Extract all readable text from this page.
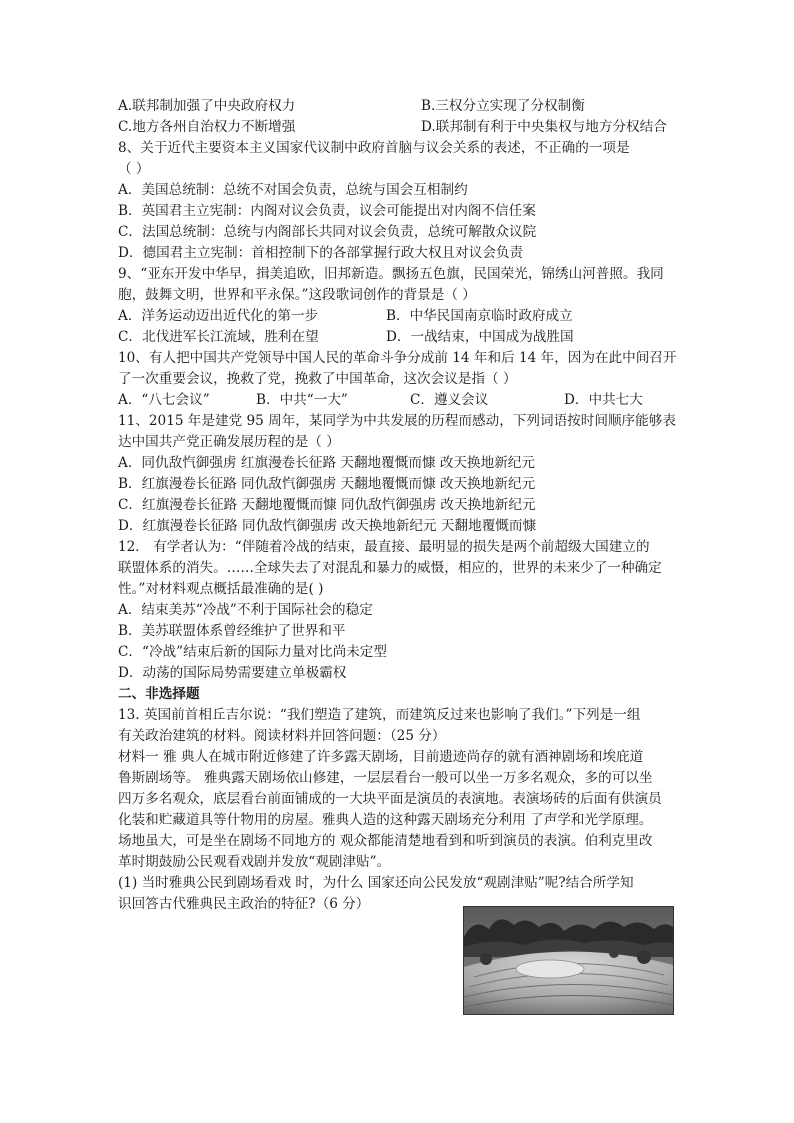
A.联邦制加强了中央政府权力	B.三权分立实现了分权制衡
C.地方各州自治权力不断增强	D.联邦制有利于中央集权与地方分权结合
8、关于近代主要资本主义国家代议制中政府首脑与议会关系的表述，不正确的一项是
（ ）
A．美国总统制：总统不对国会负责，总统与国会互相制约
B．英国君主立宪制：内阁对议会负责，议会可能提出对内阁不信任案
C．法国总统制：总统与内阁部长共同对议会负责，总统可解散众议院
D．德国君主立宪制：首相控制下的各部掌握行政大权且对议会负责
9、“亚东开发中华早，揖美追欧，旧邦新造。飘扬五色旗，民国荣光，锦绣山河普照。我同
胞，鼓舞文明，世界和平永保。”这段歌词创作的背景是（ ）
A．洋务运动迈出近代化的第一步	B．中华民国南京临时政府成立
C．北伐进军长江流域，胜利在望	D．一战结束，中国成为战胜国
10、有人把中国共产党领导中国人民的革命斗争分成前 14 年和后 14 年，因为在此中间召开
了一次重要会议，挽救了党，挽救了中国革命，这次会议是指（ ）
A．“八七会议”	B．中共“一大”	C．遵义会议	D．中共七大
11、2015 年是建党 95 周年，某同学为中共发展的历程而感动，下列词语按时间顺序能够表
达中国共产党正确发展历程的是（ ）
A．同仇敌忾御强虏 红旗漫卷长征路 天翻地覆慨而慷 改天换地新纪元
B．红旗漫卷长征路 同仇敌忾御强虏 天翻地覆慨而慷 改天换地新纪元
C．红旗漫卷长征路 天翻地覆慨而慷 同仇敌忾御强虏 改天换地新纪元
D．红旗漫卷长征路 同仇敌忾御强虏 改天换地新纪元 天翻地覆慨而慷
12． 有学者认为：“伴随着冷战的结束，最直接、最明显的损失是两个前超级大国建立的
联盟体系的消失。……全球失去了对混乱和暴力的威慑，相应的，世界的未来少了一种确定
性。”对材料观点概括最准确的是( )
A．结束美苏“冷战”不利于国际社会的稳定
B．美苏联盟体系曾经维护了世界和平
C．“冷战”结束后新的国际力量对比尚未定型
D．动荡的国际局势需要建立单极霸权
二、非选择题
13. 英国前首相丘吉尔说：“我们塑造了建筑，而建筑反过来也影响了我们。”下列是一组
有关政治建筑的材料。阅读材料并回答问题：（25 分）
材料一 雅 典人在城市附近修建了许多露天剧场，目前遗迹尚存的就有酒神剧场和埃庇道
鲁斯剧场等。 雅典露天剧场依山修建，一层层看台一般可以坐一万多名观众，多的可以坐
四万多名观众，底层看台前面铺成的一大块平面是演员的表演地。表演场砖的后面有供演员
化装和贮藏道具等什物用的房屋。雅典人造的这种露天剧场充分利用 了声学和光学原理。
场地虽大，可是坐在剧场不同地方的 观众都能清楚地看到和听到演员的表演。伯利克里改
革时期鼓励公民观看戏剧并发放“观剧津贴”。
(1) 当时雅典公民到剧场看戏 时，为什么 国家还向公民发放“观剧津贴”呢?结合所学知
识回答古代雅典民主政治的特征?（6 分）
